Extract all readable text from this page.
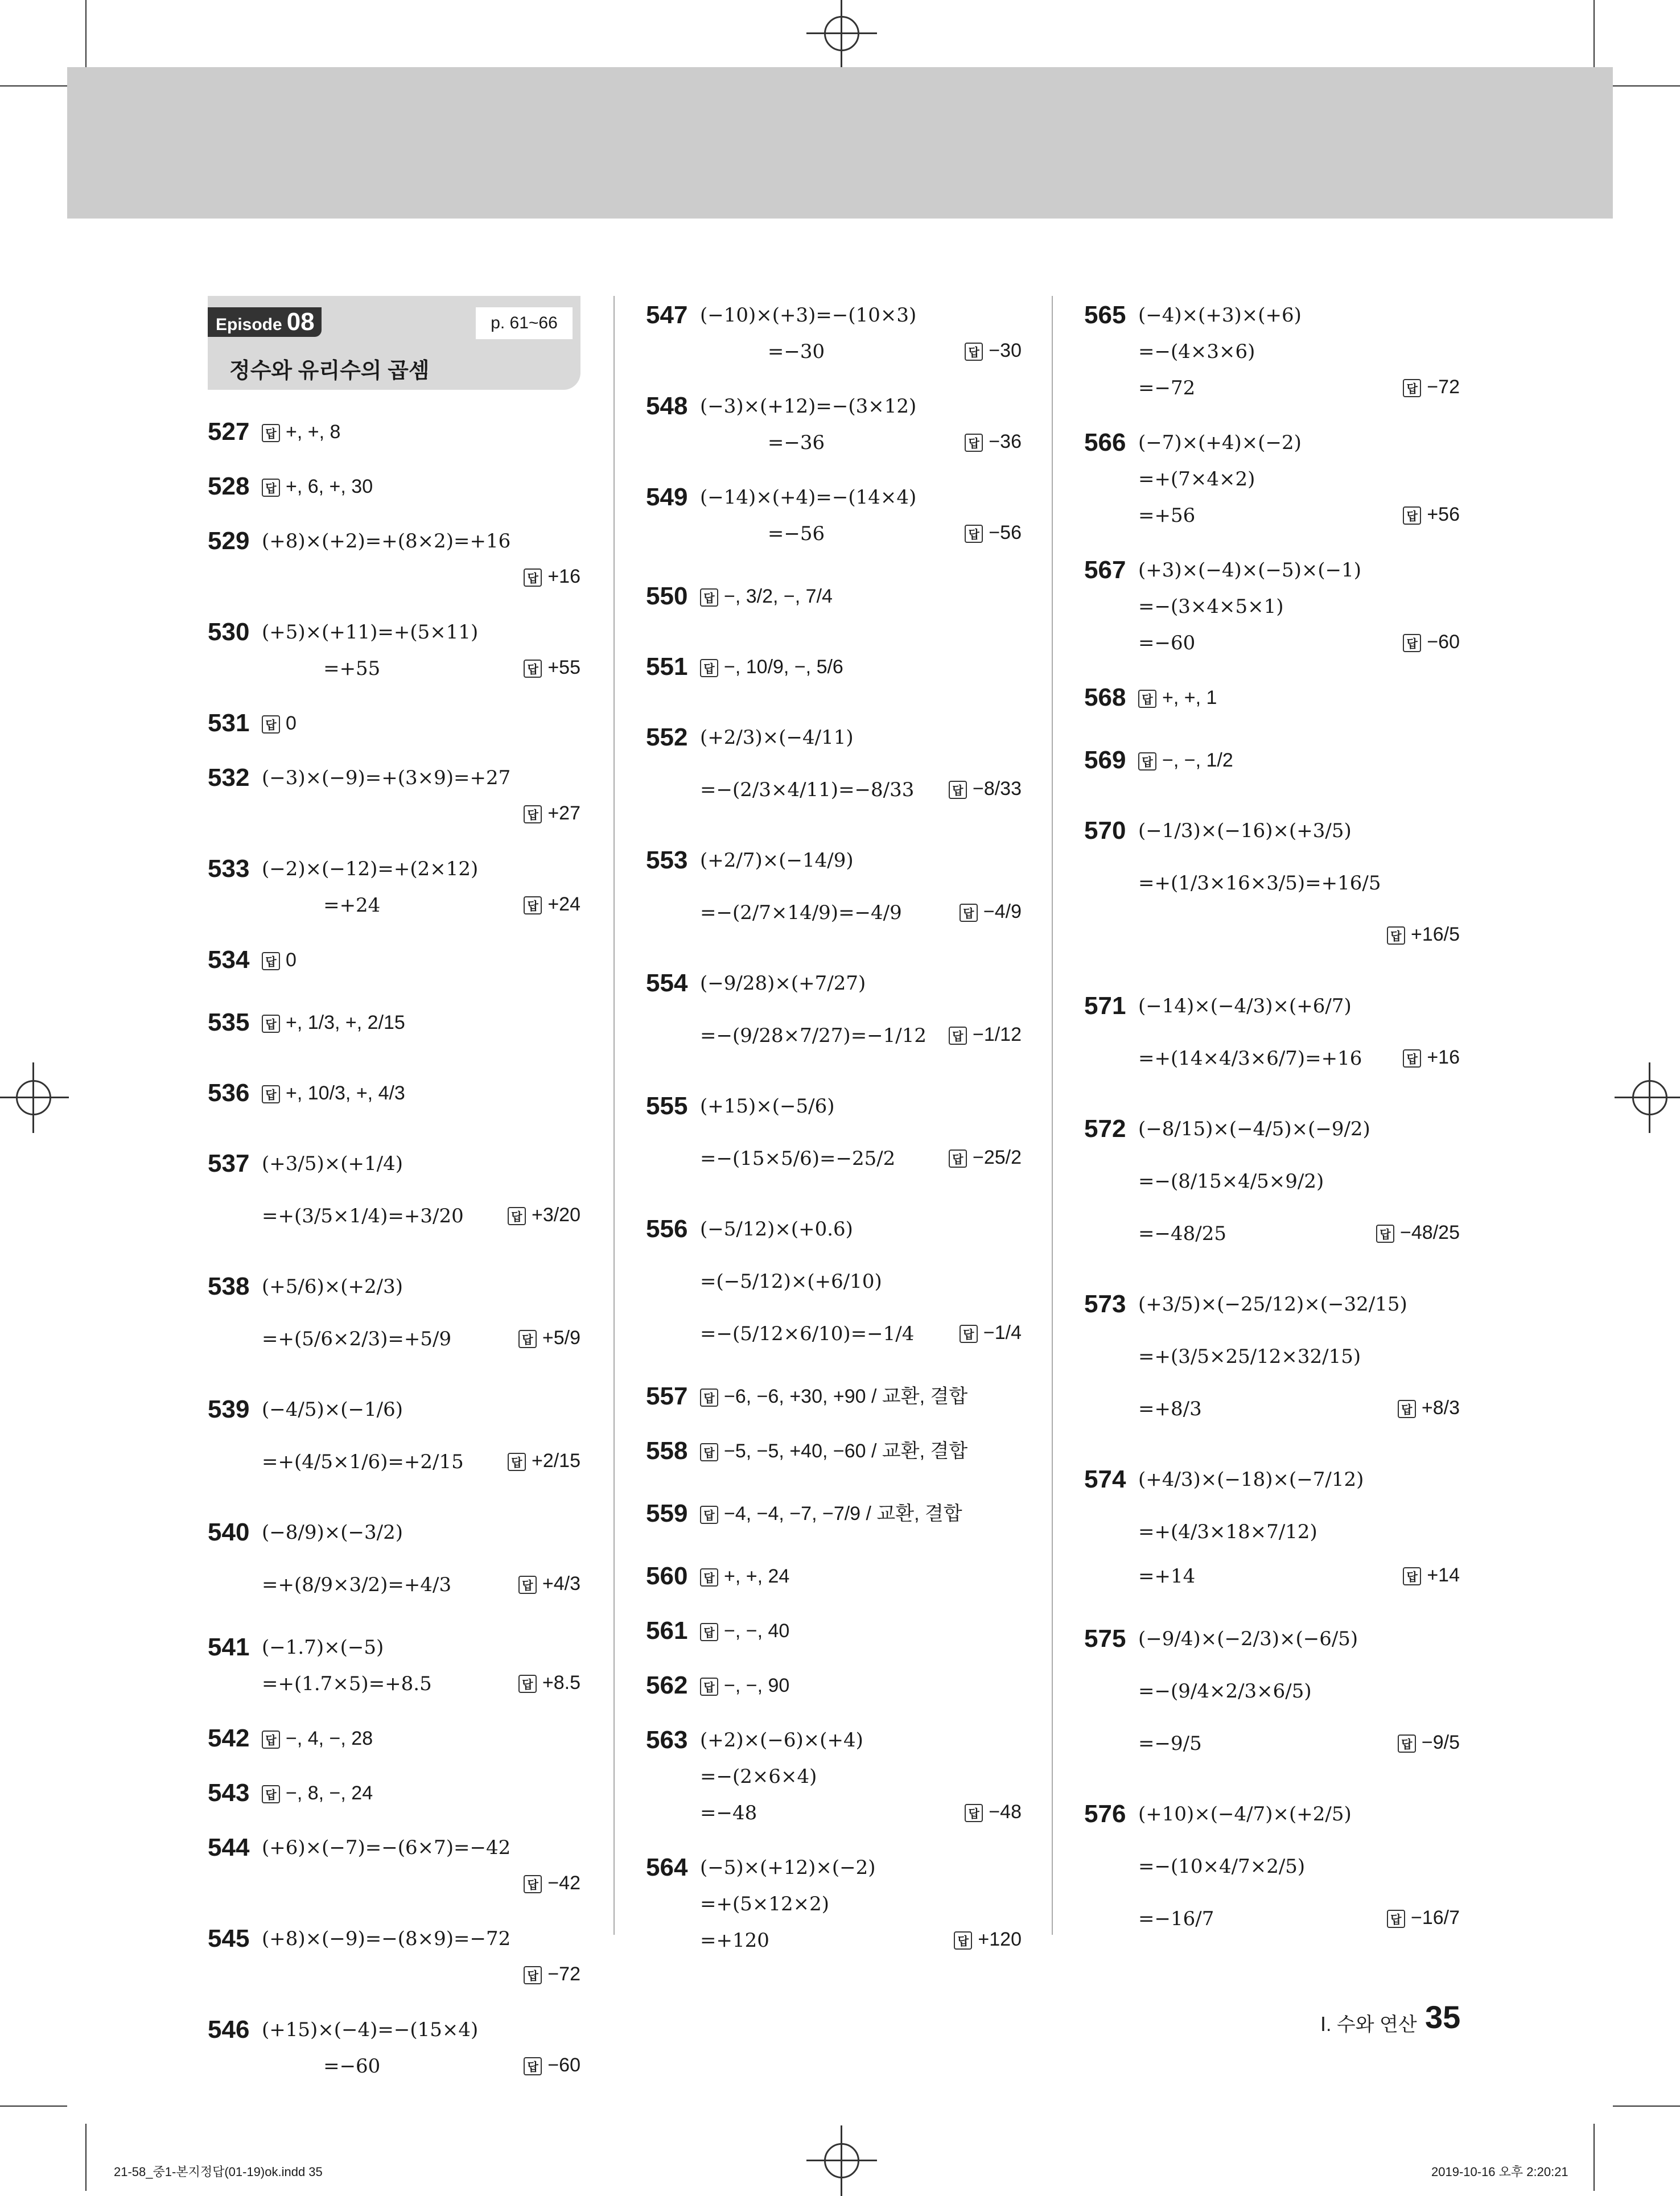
Episode 08	p. 61~66
정수와 유리수의 곱셈
527 답 +, +, 8
528 답 +, 6, +, 30
529 (+8)×(+2)=+(8×2)=+16
답 +16
530 (+5)×(+11)=+(5×11)
=+55	답 +55
531 답 0
532 (−3)×(−9)=+(3×9)=+27
답 +27
533 (−2)×(−12)=+(2×12)
=+24	답 +24
534 답 0
535 답 +, 1/3, +, 2/15
536 답 +, 10/3, +, 4/3
537 (+3/5)×(+1/4)
=+(3/5×1/4)=+3/20	답 +3/20
538 (+5/6)×(+2/3)
=+(5/6×2/3)=+5/9	답 +5/9
539 (−4/5)×(−1/6)
=+(4/5×1/6)=+2/15	답 +2/15
540 (−8/9)×(−3/2)
=+(8/9×3/2)=+4/3	답 +4/3
541 (−1.7)×(−5)
=+(1.7×5)=+8.5	답 +8.5
542 답 −, 4, −, 28
543 답 −, 8, −, 24
544 (+6)×(−7)=−(6×7)=−42
답 −42
545 (+8)×(−9)=−(8×9)=−72
답 −72
546 (+15)×(−4)=−(15×4)
=−60	답 −60
547 (−10)×(+3)=−(10×3)
=−30	답 −30
548 (−3)×(+12)=−(3×12)
=−36	답 −36
549 (−14)×(+4)=−(14×4)
=−56	답 −56
550 답 −, 3/2, −, 7/4
551 답 −, 10/9, −, 5/6
552 (+2/3)×(−4/11)
=−(2/3×4/11)=−8/33	답 −8/33
553 (+2/7)×(−14/9)
=−(2/7×14/9)=−4/9	답 −4/9
554 (−9/28)×(+7/27)
=−(9/28×7/27)=−1/12	답 −1/12
555 (+15)×(−5/6)
=−(15×5/6)=−25/2	답 −25/2
556 (−5/12)×(+0.6)
=(−5/12)×(+6/10)
=−(5/12×6/10)=−1/4	답 −1/4
557 답 −6, −6, +30, +90 / 교환, 결합
558 답 −5, −5, +40, −60 / 교환, 결합
559 답 −4, −4, −7, −7/9 / 교환, 결합
560 답 +, +, 24
561 답 −, −, 40
562 답 −, −, 90
563 (+2)×(−6)×(+4)
=−(2×6×4)
=−48	답 −48
564 (−5)×(+12)×(−2)
=+(5×12×2)
=+120	답 +120
565 (−4)×(+3)×(+6)
=−(4×3×6)
=−72	답 −72
566 (−7)×(+4)×(−2)
=+(7×4×2)
=+56	답 +56
567 (+3)×(−4)×(−5)×(−1)
=−(3×4×5×1)
=−60	답 −60
568 답 +, +, 1
569 답 −, −, 1/2
570 (−1/3)×(−16)×(+3/5)
=+(1/3×16×3/5)=+16/5
답 +16/5
571 (−14)×(−4/3)×(+6/7)
=+(14×4/3×6/7)=+16	답 +16
572 (−8/15)×(−4/5)×(−9/2)
=−(8/15×4/5×9/2)
=−48/25	답 −48/25
573 (+3/5)×(−25/12)×(−32/15)
=+(3/5×25/12×32/15)
=+8/3	답 +8/3
574 (+4/3)×(−18)×(−7/12)
=+(4/3×18×7/12)
=+14	답 +14
575 (−9/4)×(−2/3)×(−6/5)
=−(9/4×2/3×6/5)
=−9/5	답 −9/5
576 (+10)×(−4/7)×(+2/5)
=−(10×4/7×2/5)
=−16/7	답 −16/7
Ⅰ. 수와 연산 35
21-58_중1-본지정답(01-19)ok.indd 35	2019-10-16 오후 2:20:21
